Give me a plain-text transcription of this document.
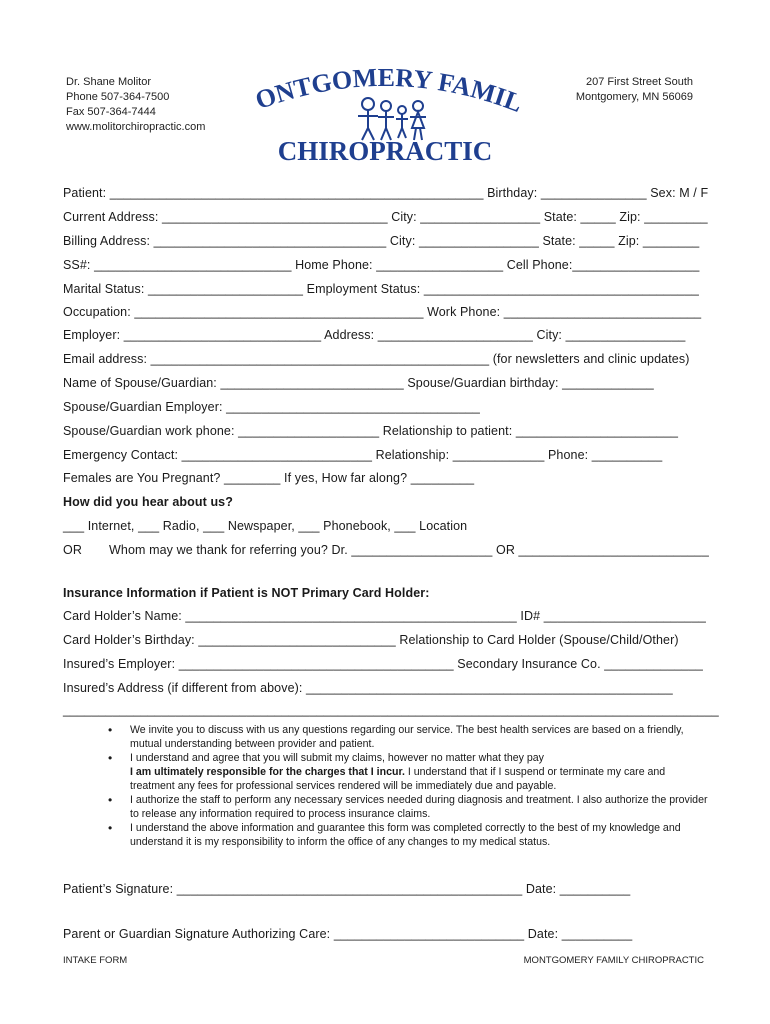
Dr. Shane Molitor
Phone 507-364-7500
Fax 507-364-7444
www.molitorchiropractic.com
207 First Street South
Montgomery, MN 56069
ONTGOMERY FAMI
CHIROPRACTIC
Patient: _____________________________________________________ Birthday: _______________ Sex: M / F
Current Address: ________________________________ City: _________________ State: _____ Zip: _________
Billing Address: _________________________________ City: _________________ State: _____ Zip: ________
SS#: ____________________________ Home Phone: __________________ Cell Phone:__________________
Marital Status: ______________________ Employment Status: _______________________________________
Occupation: _________________________________________ Work Phone: ____________________________
Employer: ____________________________ Address: ______________________ City: _________________
Email address: ________________________________________________ (for newsletters and clinic updates)
Name of Spouse/Guardian: __________________________ Spouse/Guardian birthday: _____________
Spouse/Guardian Employer: ____________________________________
Spouse/Guardian work phone: ____________________ Relationship to patient: _______________________
Emergency Contact: ___________________________ Relationship: _____________ Phone: __________
Females are You Pregnant? ________ If yes, How far along? _________
How did you hear about us?
___ Internet, ___ Radio, ___ Newspaper, ___ Phonebook, ___ Location
OR	Whom may we thank for referring you? Dr. ____________________ OR ___________________________
Insurance Information if Patient is NOT Primary Card Holder:
Card Holder’s Name: _______________________________________________ ID# _______________________
Card Holder’s Birthday: ____________________________ Relationship to Card Holder (Spouse/Child/Other)
Insured’s Employer: _______________________________________ Secondary Insurance Co. ______________
Insured’s Address (if different from above): ____________________________________________________
_____________________________________________________________________________________________
• We invite you to discuss with us any questions regarding our service. The best health services are based on a friendly, mutual understanding between provider and patient.
• I understand and agree that you will submit my claims, however no matter what they pay
I am ultimately responsible for the charges that I incur. I understand that if I suspend or terminate my care and treatment any fees for professional services rendered will be immediately due and payable.
• I authorize the staff to perform any necessary services needed during diagnosis and treatment. I also authorize the provider to release any information required to process insurance claims.
• I understand the above information and guarantee this form was completed correctly to the best of my knowledge and understand it is my responsibility to inform the office of any changes to my medical status.
Patient’s Signature: _________________________________________________ Date: __________
Parent or Guardian Signature Authorizing Care: ___________________________ Date: __________
INTAKE FORM	MONTGOMERY FAMILY CHIROPRACTIC
